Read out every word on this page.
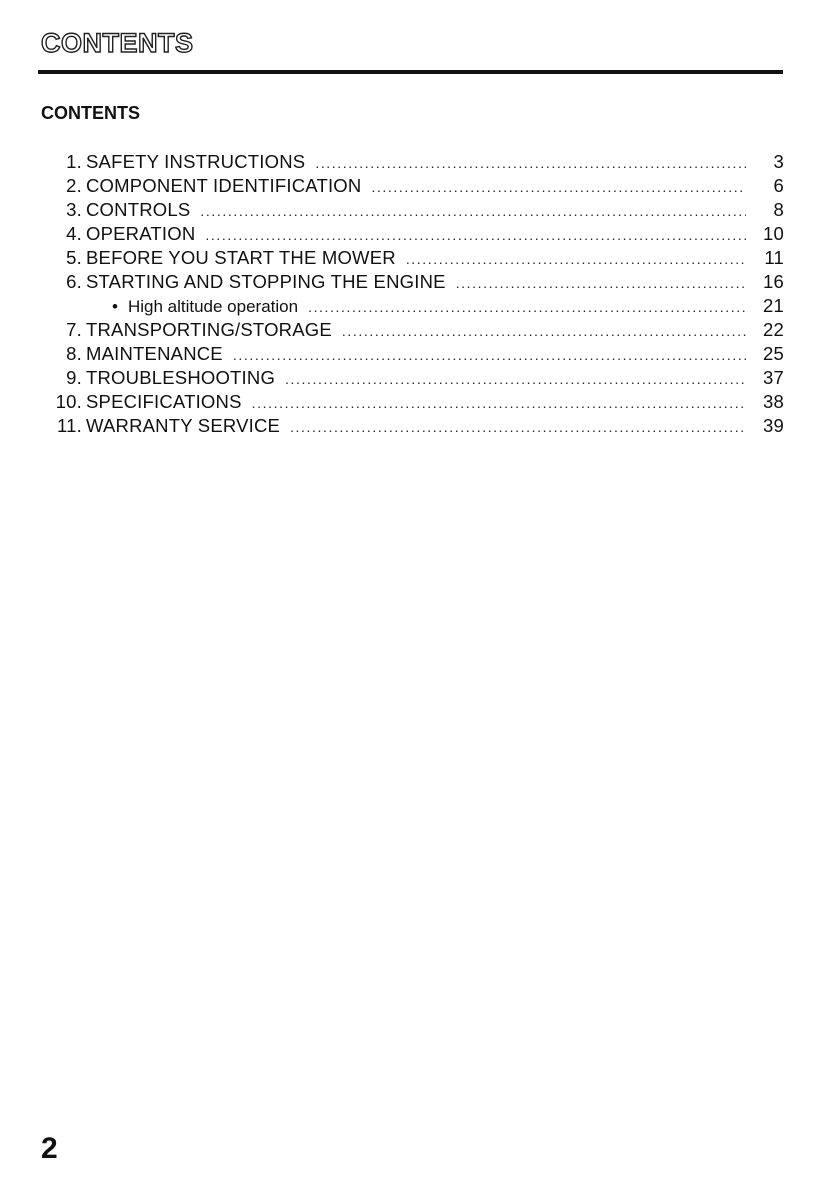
CONTENTS
CONTENTS
1. SAFETY INSTRUCTIONS .....	3
2. COMPONENT IDENTIFICATION .....	6
3. CONTROLS .....	8
4. OPERATION .....	10
5. BEFORE YOU START THE MOWER .....	11
6. STARTING AND STOPPING THE ENGINE .....	16
• High altitude operation .....	21
7. TRANSPORTING/STORAGE .....	22
8. MAINTENANCE .....	25
9. TROUBLESHOOTING .....	37
10. SPECIFICATIONS .....	38
11. WARRANTY SERVICE .....	39
2
